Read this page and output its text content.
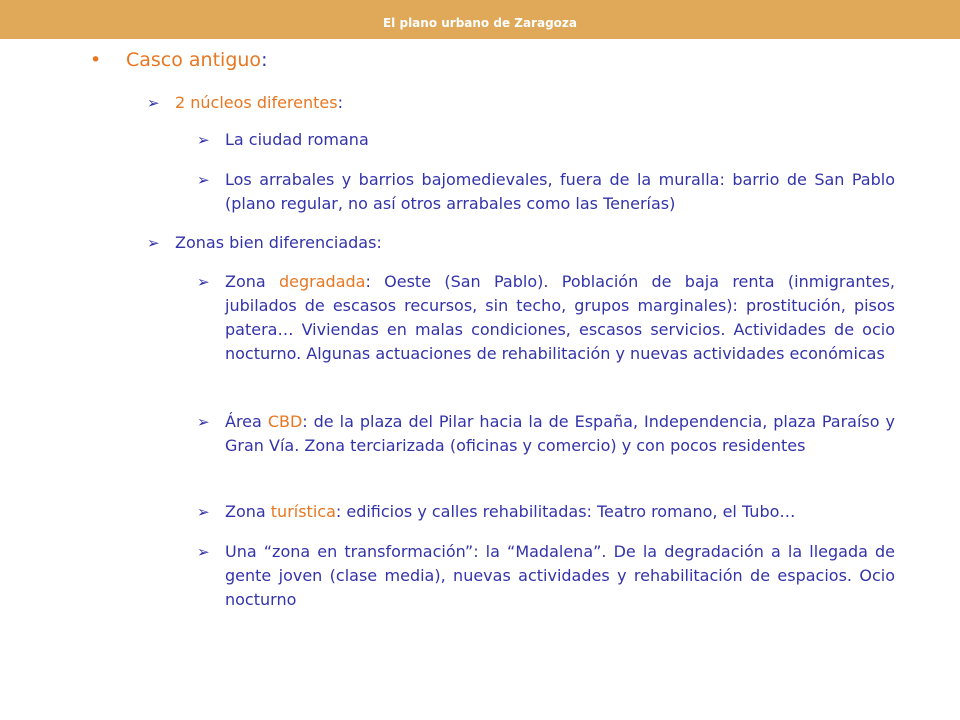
El plano urbano de Zaragoza
• Casco antiguo:
➢ 2 núcleos diferentes:
➢ La ciudad romana
➢ Los arrabales y barrios bajomedievales, fuera de la muralla: barrio de San Pablo (plano regular, no así otros arrabales como las Tenerías)
➢ Zonas bien diferenciadas:
➢ Zona degradada: Oeste (San Pablo). Población de baja renta (inmigrantes, jubilados de escasos recursos, sin techo, grupos marginales): prostitución, pisos patera… Viviendas en malas condiciones, escasos servicios. Actividades de ocio nocturno. Algunas actuaciones de rehabilitación y nuevas actividades económicas
➢ Área CBD: de la plaza del Pilar hacia la de España, Independencia, plaza Paraíso y Gran Vía. Zona terciarizada (oficinas y comercio) y con pocos residentes
➢ Zona turística: edificios y calles rehabilitadas: Teatro romano, el Tubo…
➢ Una “zona en transformación”: la “Madalena”. De la degradación a la llegada de gente joven (clase media), nuevas actividades y rehabilitación de espacios. Ocio nocturno
